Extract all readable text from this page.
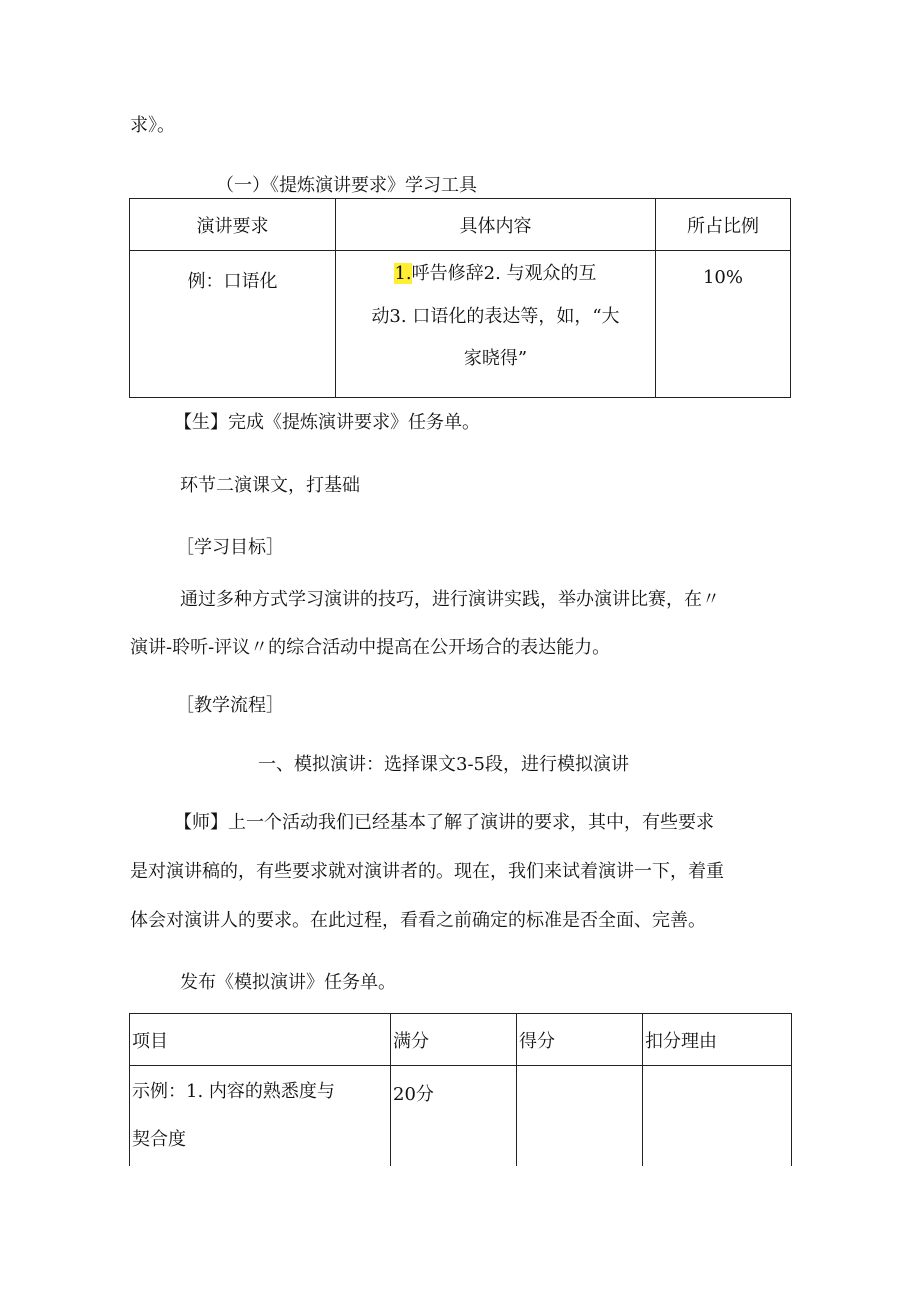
求》。
（一）《提炼演讲要求》学习工具
演讲要求	具体内容	所占比例

例：口语化	1.呼告修辞2. 与观众的互
动3. 口语化的表达等，如，“大
家晓得”	10%
【生】完成《提炼演讲要求》任务单。
环节二演课文，打基础
［学习目标］
通过多种方式学习演讲的技巧，进行演讲实践，举办演讲比赛，在〃
演讲-聆听-评议〃的综合活动中提高在公开场合的表达能力。
［教学流程］
一、模拟演讲：选择课文3-5段，进行模拟演讲
【师】上一个活动我们已经基本了解了演讲的要求，其中，有些要求
是对演讲稿的，有些要求就对演讲者的。现在，我们来试着演讲一下，着重
体会对演讲人的要求。在此过程，看看之前确定的标准是否全面、完善。
发布《模拟演讲》任务单。
项目	满分	得分	扣分理由

示例：1. 内容的熟悉度与
契合度	20分		
